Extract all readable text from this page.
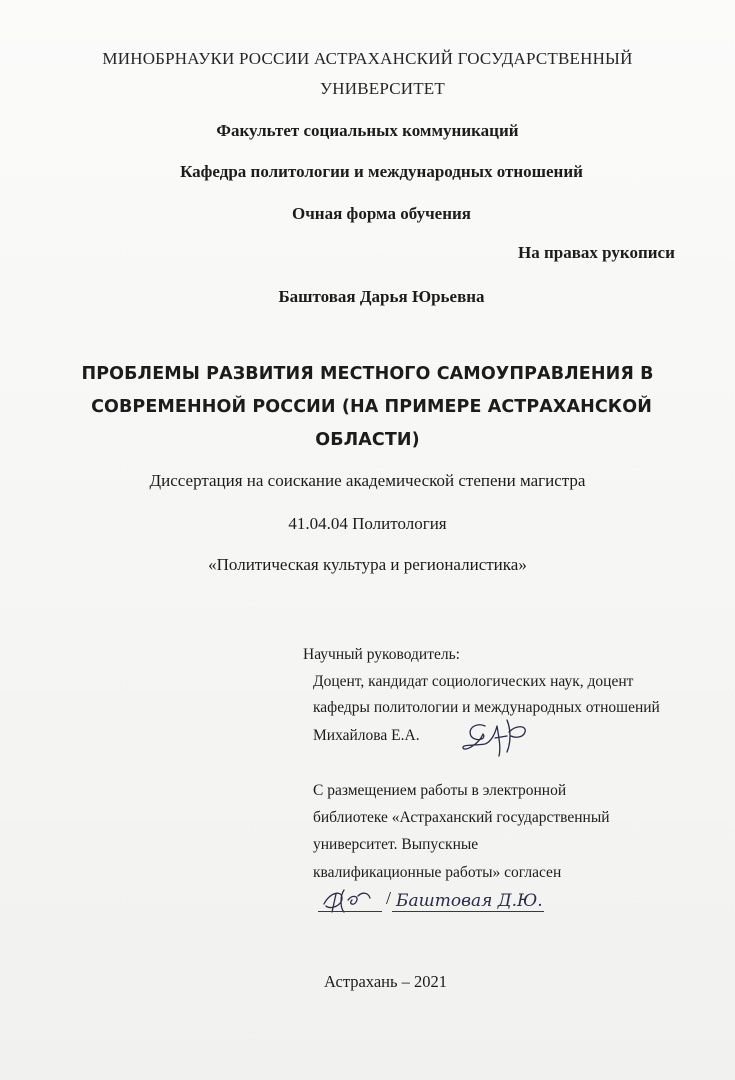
МИНОБРНАУКИ РОССИИ АСТРАХАНСКИЙ ГОСУДАРСТВЕННЫЙ
УНИВЕРСИТЕТ
Факультет социальных коммуникаций
Кафедра политологии и международных отношений
Очная форма обучения
На правах рукописи
Баштовая Дарья Юрьевна
ПРОБЛЕМЫ РАЗВИТИЯ МЕСТНОГО САМОУПРАВЛЕНИЯ В
СОВРЕМЕННОЙ РОССИИ (НА ПРИМЕРЕ АСТРАХАНСКОЙ
ОБЛАСТИ)
Диссертация на соискание академической степени магистра
41.04.04 Политология
«Политическая культура и регионалистика»
Научный руководитель:
Доцент, кандидат социологических наук, доцент
кафедры политологии и международных отношений
Михайлова Е.А.
С размещением работы в электронной
библиотеке «Астраханский государственный
университет. Выпускные
квалификационные работы» согласен
/ Баштовая Д.Ю.
Астрахань – 2021
